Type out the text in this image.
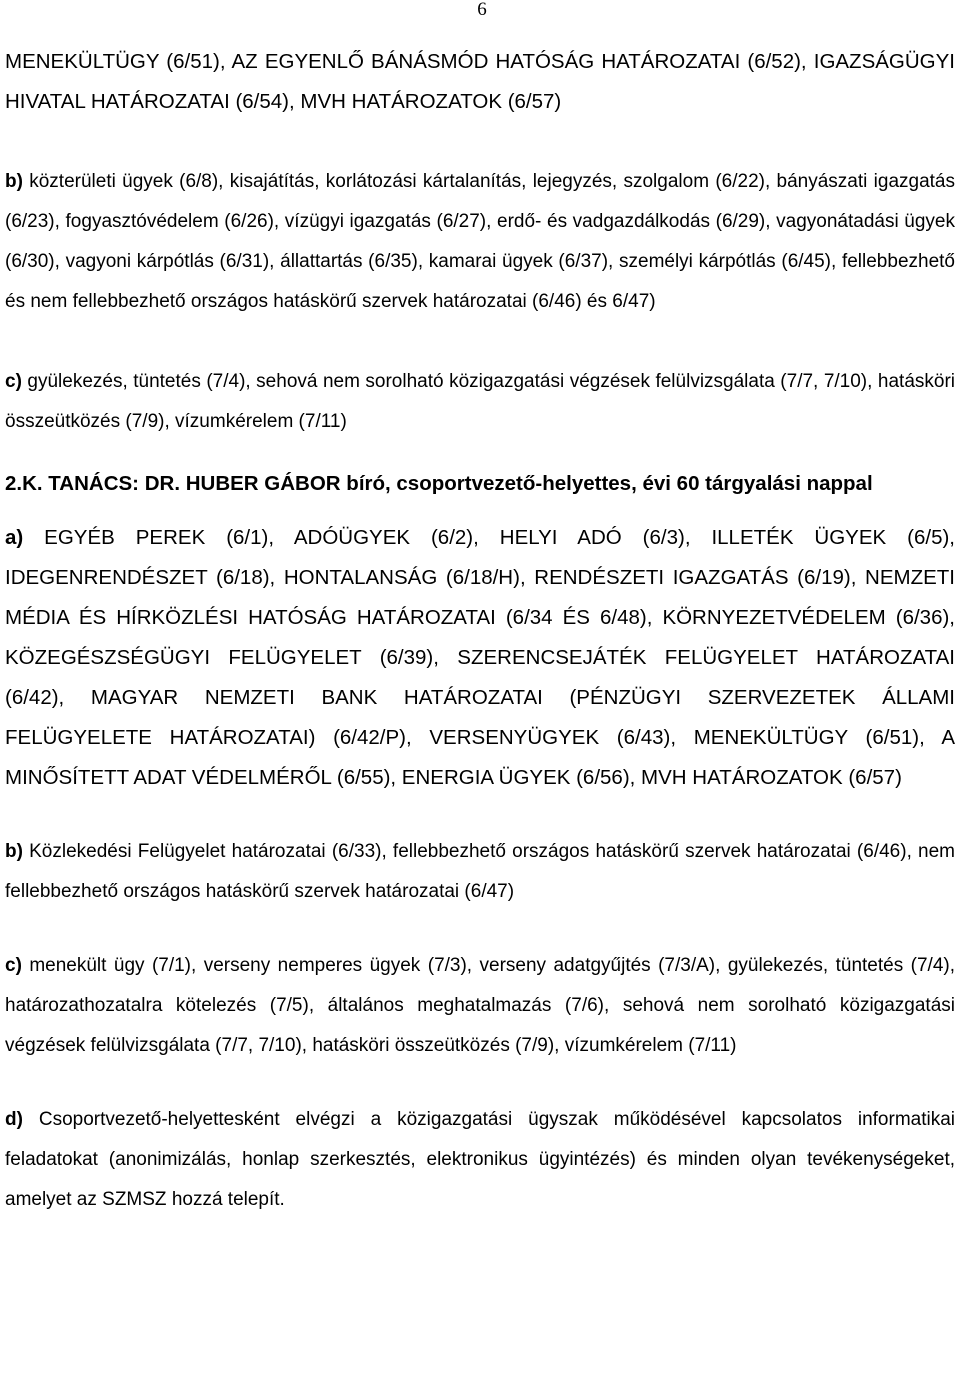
6

MENEKÜLTÜGY (6/51), AZ EGYENLŐ BÁNÁSMÓD HATÓSÁG HATÁROZATAI (6/52), IGAZSÁGÜGYI HIVATAL HATÁROZATAI (6/54), MVH HATÁROZATOK (6/57)

b) közterületi ügyek (6/8), kisajátítás, korlátozási kártalanítás, lejegyzés, szolgalom (6/22), bányászati igazgatás (6/23), fogyasztóvédelem (6/26), vízügyi igazgatás (6/27), erdő- és vadgazdálkodás (6/29), vagyonátadási ügyek (6/30), vagyoni kárpótlás (6/31), állattartás (6/35), kamarai ügyek (6/37), személyi kárpótlás (6/45), fellebbezhető és nem fellebbezhető országos hatáskörű szervek határozatai (6/46) és 6/47)

c) gyülekezés, tüntetés (7/4), sehová nem sorolható közigazgatási végzések felülvizsgálata (7/7, 7/10), hatásköri összeütközés (7/9), vízumkérelem (7/11)

2.K. TANÁCS: DR. HUBER GÁBOR bíró, csoportvezető-helyettes, évi 60 tárgyalási nappal

a) EGYÉB PEREK (6/1), ADÓÜGYEK (6/2), HELYI ADÓ (6/3), ILLETÉK ÜGYEK (6/5), IDEGENRENDÉSZET (6/18), HONTALANSÁG (6/18/H), RENDÉSZETI IGAZGATÁS (6/19), NEMZETI MÉDIA ÉS HÍRKÖZLÉSI HATÓSÁG HATÁROZATAI (6/34 ÉS 6/48), KÖRNYEZETVÉDELEM (6/36), KÖZEGÉSZSÉGÜGYI FELÜGYELET (6/39), SZERENCSEJÁTÉK FELÜGYELET HATÁROZATAI (6/42), MAGYAR NEMZETI BANK HATÁROZATAI (PÉNZÜGYI SZERVEZETEK ÁLLAMI FELÜGYELETE HATÁROZATAI) (6/42/P), VERSENYÜGYEK (6/43), MENEKÜLTÜGY (6/51), A MINŐSÍTETT ADAT VÉDELMÉRŐL (6/55), ENERGIA ÜGYEK (6/56), MVH HATÁROZATOK (6/57)

b) Közlekedési Felügyelet határozatai (6/33), fellebbezhető országos hatáskörű szervek határozatai (6/46), nem fellebbezhető országos hatáskörű szervek határozatai (6/47)

c) menekült ügy (7/1), verseny nemperes ügyek (7/3), verseny adatgyűjtés (7/3/A), gyülekezés, tüntetés (7/4), határozathozatalra kötelezés (7/5), általános meghatalmazás (7/6), sehová nem sorolható közigazgatási végzések felülvizsgálata (7/7, 7/10), hatásköri összeütközés (7/9), vízumkérelem (7/11)

d) Csoportvezető-helyettesként elvégzi a közigazgatási ügyszak működésével kapcsolatos informatikai feladatokat (anonimizálás, honlap szerkesztés, elektronikus ügyintézés) és minden olyan tevékenységeket, amelyet az SZMSZ hozzá telepít.
